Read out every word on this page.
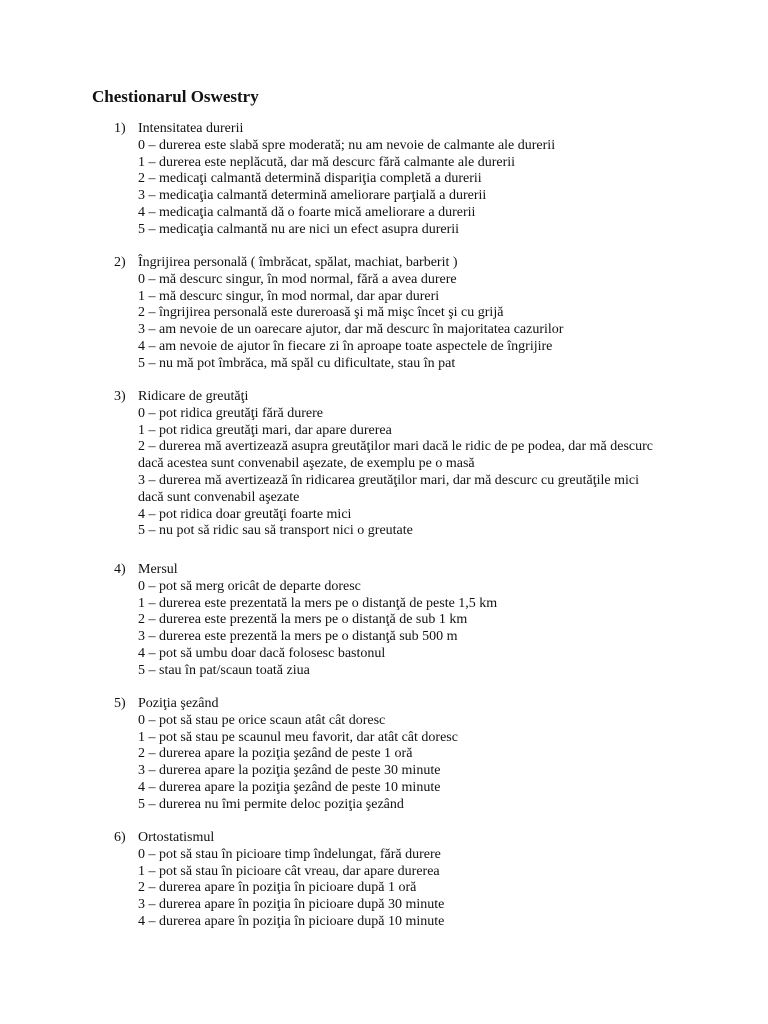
Chestionarul Oswestry
1) Intensitatea durerii
0 – durerea este slabă spre moderată; nu am nevoie de calmante ale durerii
1 – durerea este neplăcută, dar mă descurc fără calmante ale durerii
2 – medicaţi calmantă determină dispariţia completă a durerii
3 – medicaţia calmantă determină ameliorare parţială a durerii
4 – medicaţia calmantă dă o foarte mică ameliorare a durerii
5 – medicaţia calmantă nu are nici un efect asupra durerii
2) Îngrijirea personală ( îmbrăcat, spălat, machiat, barberit )
0 – mă descurc singur, în mod normal, fără a avea durere
1 – mă descurc singur, în mod normal, dar apar dureri
2 – îngrijirea personală este dureroasă şi mă mişc încet şi cu grijă
3 – am nevoie de un oarecare ajutor, dar mă descurc în majoritatea cazurilor
4 – am nevoie de ajutor în fiecare zi în aproape toate aspectele de îngrijire
5 – nu mă pot îmbrăca, mă spăl cu dificultate, stau în pat
3) Ridicare de greutăţi
0 – pot ridica greutăţi fără durere
1 – pot ridica greutăţi mari, dar apare durerea
2 – durerea mă avertizează asupra greutăţilor mari dacă le ridic de pe podea, dar mă descurc dacă acestea sunt convenabil aşezate, de exemplu pe o masă
3 – durerea mă avertizează în ridicarea greutăţilor mari, dar mă descurc cu greutăţile mici dacă sunt convenabil aşezate
4 – pot ridica doar greutăţi foarte mici
5 – nu pot să ridic sau să transport nici o greutate
4) Mersul
0 – pot să merg oricât de departe doresc
1 – durerea este prezentată la mers pe o distanţă de peste 1,5 km
2 – durerea este prezentă la mers pe o distanţă de sub 1 km
3 – durerea este prezentă la mers pe o distanţă sub 500 m
4 – pot să umbu doar dacă folosesc bastonul
5 – stau în pat/scaun toată ziua
5) Poziţia şezând
0 – pot să stau pe orice scaun atât cât doresc
1 – pot să stau pe scaunul meu favorit, dar atât cât doresc
2 – durerea apare la poziţia şezând de peste 1 oră
3 – durerea apare la poziţia şezând de peste 30 minute
4 – durerea apare la poziţia şezând de peste 10 minute
5 – durerea nu îmi permite deloc poziţia şezând
6) Ortostatismul
0 – pot să stau în picioare timp îndelungat, fără durere
1 – pot să stau în picioare cât vreau, dar apare durerea
2 – durerea apare în poziţia în picioare după 1 oră
3 – durerea apare în poziţia în picioare după 30 minute
4 – durerea apare în poziţia în picioare după 10 minute
